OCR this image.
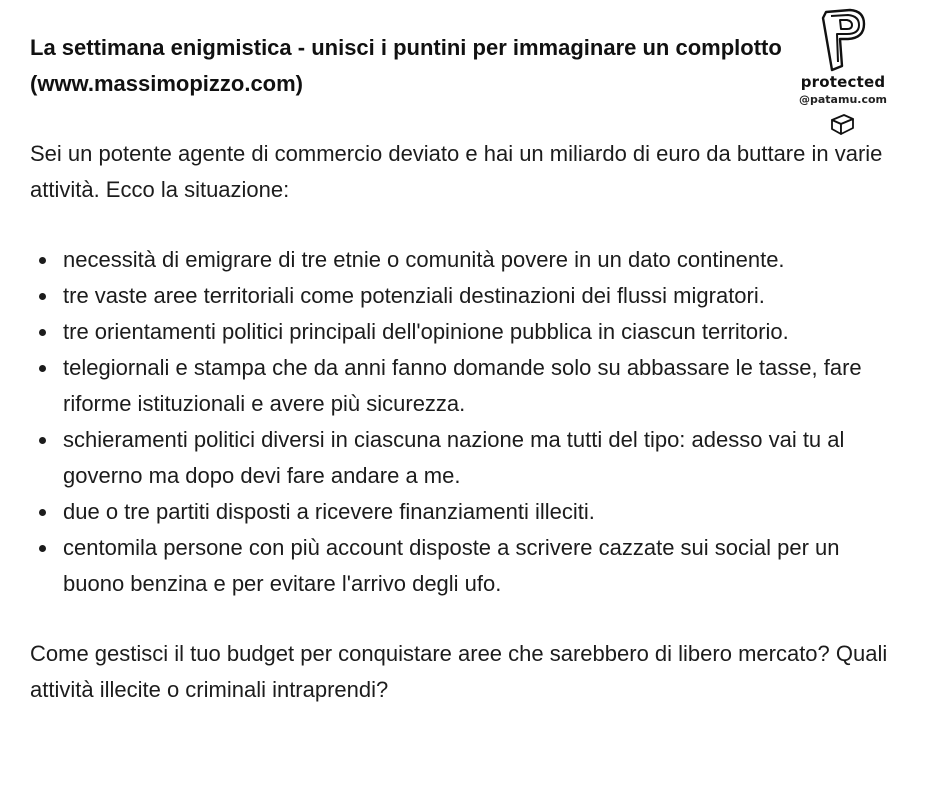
La settimana enigmistica - unisci i puntini per immaginare un complotto (www.massimopizzo.com)

Sei un potente agente di commercio deviato e hai un miliardo di euro da buttare in varie attività. Ecco la situazione:

necessità di emigrare di tre etnie o comunità povere in un dato continente.
tre vaste aree territoriali come potenziali destinazioni dei flussi migratori.
tre orientamenti politici principali dell'opinione pubblica in ciascun territorio.
telegiornali e stampa che da anni fanno domande solo su abbassare le tasse, fare riforme istituzionali e avere più sicurezza.
schieramenti politici diversi in ciascuna nazione ma tutti del tipo: adesso vai tu al governo ma dopo devi fare andare a me.
due o tre partiti disposti a ricevere finanziamenti illeciti.
centomila persone con più account disposte a scrivere cazzate sui social per un buono benzina e per evitare l'arrivo degli ufo.

Come gestisci il tuo budget per conquistare aree che sarebbero di libero mercato? Quali attività illecite o criminali intraprendi?

protected
@patamu.com
